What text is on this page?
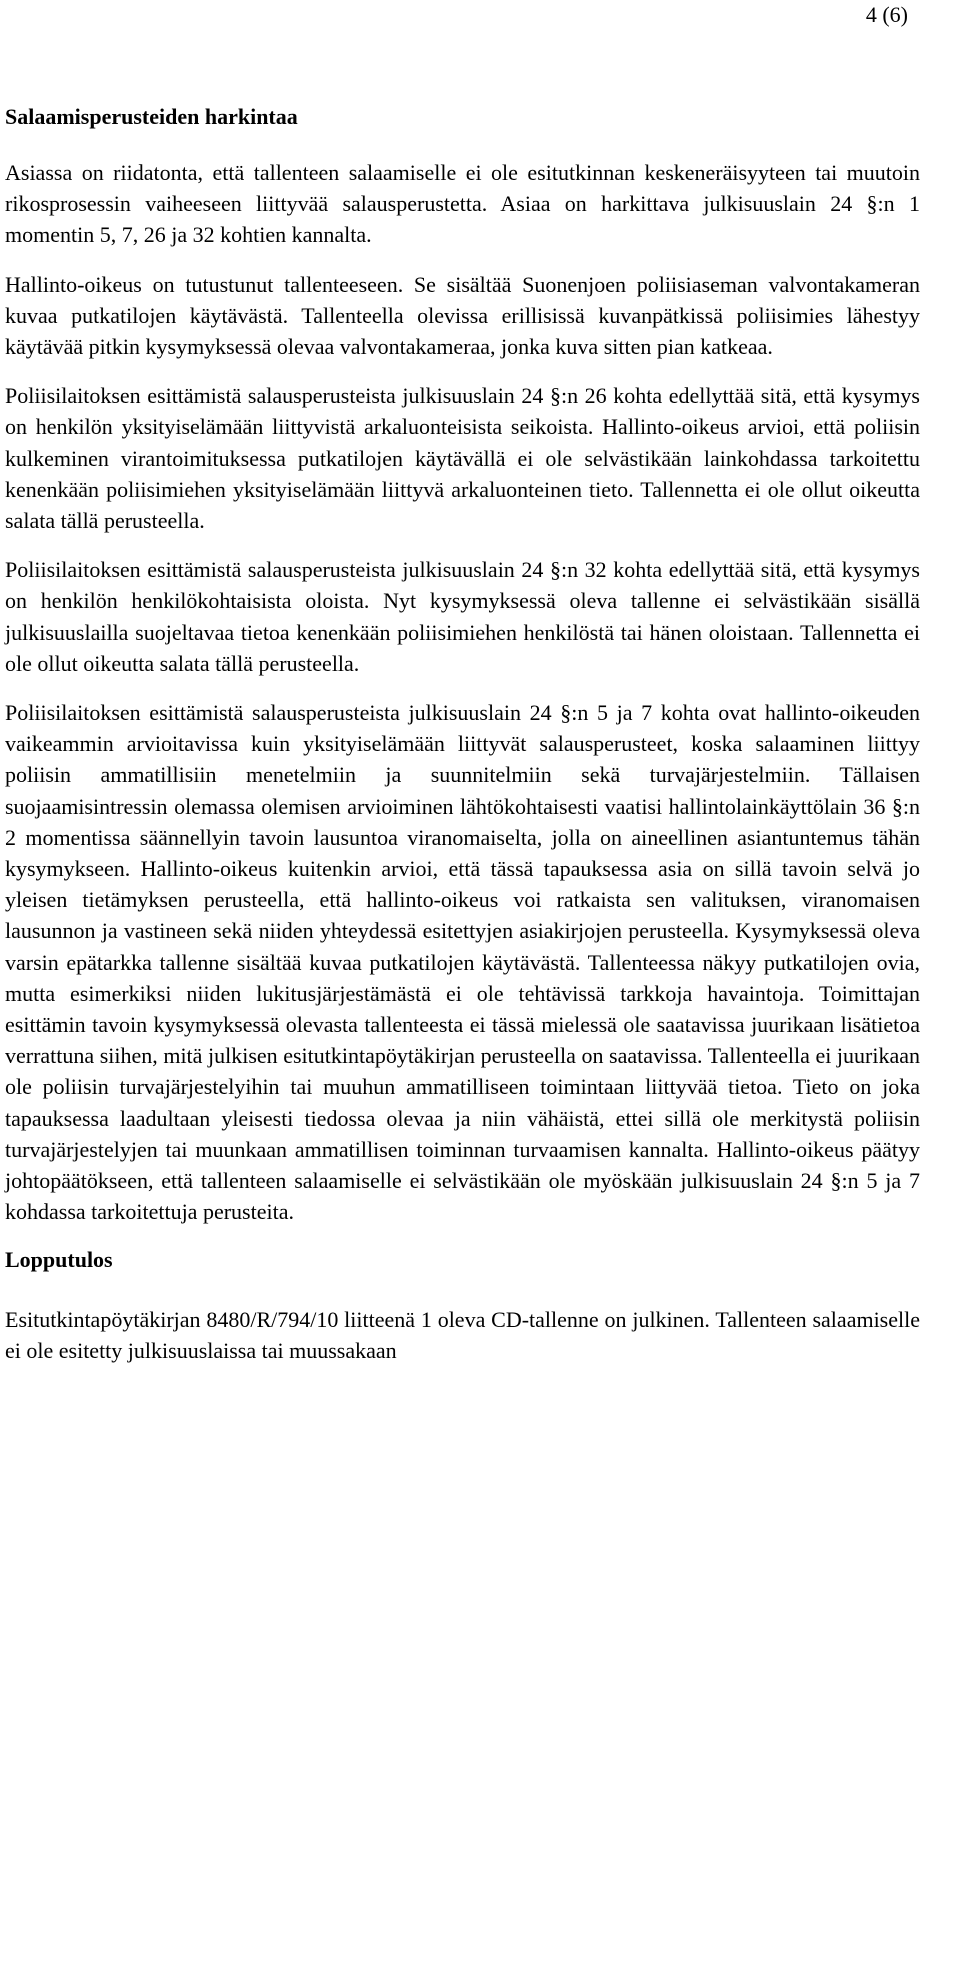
4 (6)
Salaamisperusteiden harkintaa

Asiassa on riidatonta, että tallenteen salaamiselle ei ole esitutkinnan keskeneräisyyteen tai muutoin rikosprosessin vaiheeseen liittyvää salausperustetta. Asiaa on harkittava julkisuuslain 24 §:n 1 momentin 5, 7, 26 ja 32 kohtien kannalta.

Hallinto-oikeus on tutustunut tallenteeseen. Se sisältää Suonenjoen poliisiaseman valvontakameran kuvaa putkatilojen käytävästä. Tallenteella olevissa erillisissä kuvanpätkissä poliisimies lähestyy käytävää pitkin kysymyksessä olevaa valvontakameraa, jonka kuva sitten pian katkeaa.

Poliisilaitoksen esittämistä salausperusteista julkisuuslain 24 §:n 26 kohta edellyttää sitä, että kysymys on henkilön yksityiselämään liittyvistä arkaluonteisista seikoista. Hallinto-oikeus arvioi, että poliisin kulkeminen virantoimituksessa putkatilojen käytävällä ei ole selvästikään lainkohdassa tarkoitettu kenenkään poliisimiehen yksityiselämään liittyvä arkaluonteinen tieto. Tallennetta ei ole ollut oikeutta salata tällä perusteella.

Poliisilaitoksen esittämistä salausperusteista julkisuuslain 24 §:n 32 kohta edellyttää sitä, että kysymys on henkilön henkilökohtaisista oloista. Nyt kysymyksessä oleva tallenne ei selvästikään sisällä julkisuuslailla suojeltavaa tietoa kenenkään poliisimiehen henkilöstä tai hänen oloistaan. Tallennetta ei ole ollut oikeutta salata tällä perusteella.

Poliisilaitoksen esittämistä salausperusteista julkisuuslain 24 §:n 5 ja 7 kohta ovat hallinto-oikeuden vaikeammin arvioitavissa kuin yksityiselämään liittyvät salausperusteet, koska salaaminen liittyy poliisin ammatillisiin menetelmiin ja suunnitelmiin sekä turvajärjestelmiin. Tällaisen suojaamisintressin olemassa olemisen arvioiminen lähtökohtaisesti vaatisi hallintolainkäyttölain 36 §:n 2 momentissa säännellyin tavoin lausuntoa viranomaiselta, jolla on aineellinen asiantuntemus tähän kysymykseen. Hallinto-oikeus kuitenkin arvioi, että tässä tapauksessa asia on sillä tavoin selvä jo yleisen tietämyksen perusteella, että hallinto-oikeus voi ratkaista sen valituksen, viranomaisen lausunnon ja vastineen sekä niiden yhteydessä esitettyjen asiakirjojen perusteella. Kysymyksessä oleva varsin epätarkka tallenne sisältää kuvaa putkatilojen käytävästä. Tallenteessa näkyy putkatilojen ovia, mutta esimerkiksi niiden lukitusjärjestämästä ei ole tehtävissä tarkkoja havaintoja. Toimittajan esittämin tavoin kysymyksessä olevasta tallenteesta ei tässä mielessä ole saatavissa juurikaan lisätietoa verrattuna siihen, mitä julkisen esitutkintapöytäkirjan perusteella on saatavissa. Tallenteella ei juurikaan ole poliisin turvajärjestelyihin tai muuhun ammatilliseen toimintaan liittyvää tietoa. Tieto on joka tapauksessa laadultaan yleisesti tiedossa olevaa ja niin vähäistä, ettei sillä ole merkitystä poliisin turvajärjestelyjen tai muunkaan ammatillisen toiminnan turvaamisen kannalta. Hallinto-oikeus päätyy johtopäätökseen, että tallenteen salaamiselle ei selvästikään ole myöskään julkisuuslain 24 §:n 5 ja 7 kohdassa tarkoitettuja perusteita.

Lopputulos

Esitutkintapöytäkirjan 8480/R/794/10 liitteenä 1 oleva CD-tallenne on julkinen. Tallenteen salaamiselle ei ole esitetty julkisuuslaissa tai muussakaan
